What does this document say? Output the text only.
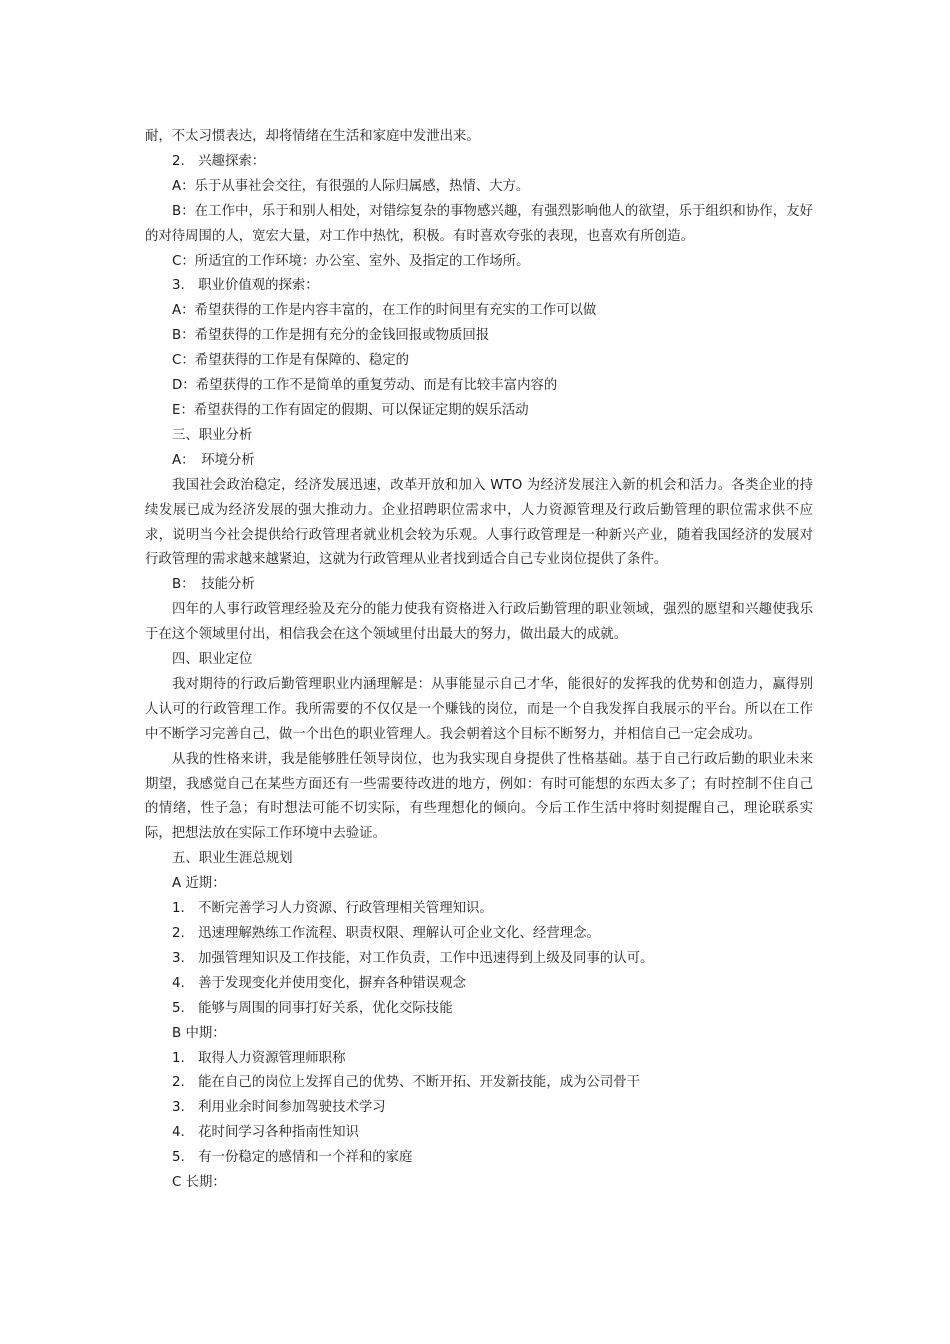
耐，不太习惯表达，却将情绪在生活和家庭中发泄出来。

2.　兴趣探索：

A：乐于从事社会交往，有很强的人际归属感，热情、大方。

B：在工作中，乐于和别人相处，对错综复杂的事物感兴趣，有强烈影响他人的欲望，乐于组织和协作，友好的对待周围的人，宽宏大量，对工作中热忱，积极。有时喜欢夸张的表现，也喜欢有所创造。

C：所适宜的工作环境：办公室、室外、及指定的工作场所。

3.　职业价值观的探索：

A：希望获得的工作是内容丰富的，在工作的时间里有充实的工作可以做

B：希望获得的工作是拥有充分的金钱回报或物质回报

C：希望获得的工作是有保障的、稳定的

D：希望获得的工作不是简单的重复劳动、而是有比较丰富内容的

E：希望获得的工作有固定的假期、可以保证定期的娱乐活动

三、职业分析

A：　环境分析

我国社会政治稳定，经济发展迅速，改革开放和加入 WTO 为经济发展注入新的机会和活力。各类企业的持续发展已成为经济发展的强大推动力。企业招聘职位需求中，人力资源管理及行政后勤管理的职位需求供不应求，说明当今社会提供给行政管理者就业机会较为乐观。人事行政管理是一种新兴产业，随着我国经济的发展对行政管理的需求越来越紧迫，这就为行政管理从业者找到适合自己专业岗位提供了条件。

B：　技能分析

四年的人事行政管理经验及充分的能力使我有资格进入行政后勤管理的职业领域，强烈的愿望和兴趣使我乐于在这个领域里付出，相信我会在这个领域里付出最大的努力，做出最大的成就。

四、职业定位

我对期待的行政后勤管理职业内涵理解是：从事能显示自己才华，能很好的发挥我的优势和创造力，赢得别人认可的行政管理工作。我所需要的不仅仅是一个赚钱的岗位，而是一个自我发挥自我展示的平台。所以在工作中不断学习完善自己，做一个出色的职业管理人。我会朝着这个目标不断努力，并相信自己一定会成功。

从我的性格来讲，我是能够胜任领导岗位，也为我实现自身提供了性格基础。基于自己行政后勤的职业未来期望，我感觉自己在某些方面还有一些需要待改进的地方，例如：有时可能想的东西太多了；有时控制不住自己的情绪，性子急；有时想法可能不切实际，有些理想化的倾向。今后工作生活中将时刻提醒自己，理论联系实际，把想法放在实际工作环境中去验证。

五、职业生涯总规划

A 近期：

1.　不断完善学习人力资源、行政管理相关管理知识。

2.　迅速理解熟练工作流程、职责权限、理解认可企业文化、经营理念。

3.　加强管理知识及工作技能，对工作负责，工作中迅速得到上级及同事的认可。

4.　善于发现变化并使用变化，摒弃各种错误观念

5.　能够与周围的同事打好关系，优化交际技能

B 中期：

1.　取得人力资源管理师职称

2.　能在自己的岗位上发挥自己的优势、不断开拓、开发新技能，成为公司骨干

3.　利用业余时间参加驾驶技术学习

4.　花时间学习各种指南性知识

5.　有一份稳定的感情和一个祥和的家庭

C 长期：
